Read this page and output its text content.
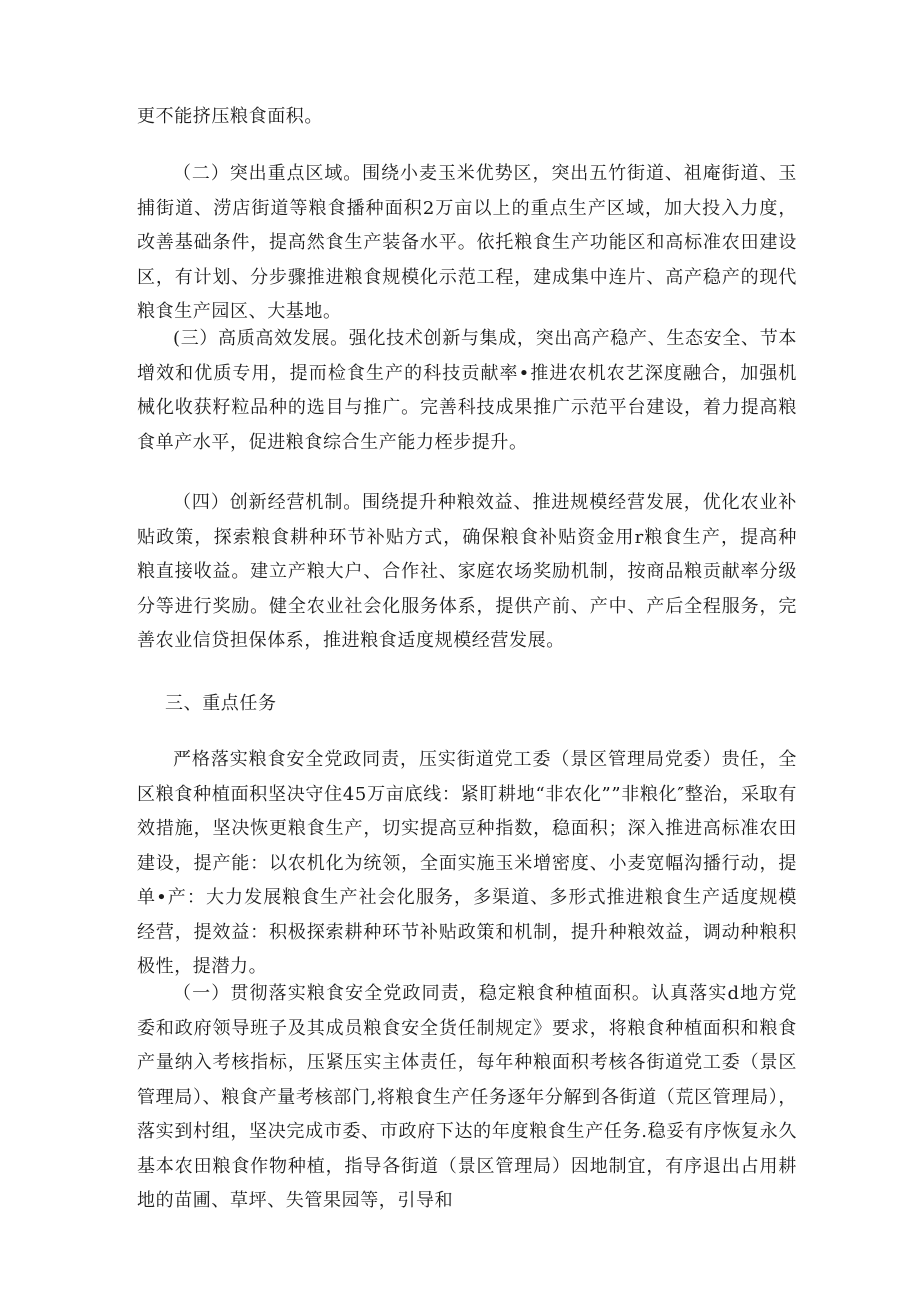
更不能挤压粮食面积。

（二）突出重点区域。围绕小麦玉米优势区，突出五竹街道、祖庵街道、玉捕街道、涝店街道等粮食播种面积2万亩以上的重点生产区域，加大投入力度，改善基础条件，提高然食生产装备水平。依托粮食生产功能区和高标准农田建设区，有计划、分步骤推进粮食规模化示范工程，建成集中连片、高产稳产的现代粮食生产园区、大基地。

(三）高质高效发展。强化技术创新与集成，突出高产稳产、生态安全、节本增效和优质专用，提而检食生产的科技贡献率•推进农机农艺深度融合，加强机械化收获籽粒品种的选目与推广。完善科技成果推广示范平台建设，着力提高粮食单产水平，促进粮食综合生产能力桎步提升。

（四）创新经营机制。围绕提升种粮效益、推进规模经营发展，优化农业补贴政策，探索粮食耕种环节补贴方式，确保粮食补贴资金用r粮食生产，提高种粮直接收益。建立产粮大户、合作社、家庭农场奖励机制，按商品粮贡献率分级分等进行奖励。健全农业社会化服务体系，提供产前、产中、产后全程服务，完善农业信贷担保体系，推进粮食适度规模经营发展。

三、重点任务

严格落实粮食安全党政同责，压实街道党工委（景区管理局党委）贵任，全区粮食种植面积坚决守住45万亩底线：紧盯耕地“非农化””非粮化″整治，采取有效措施，坚决恢更粮食生产，切实提高豆种指数，稳面积；深入推进高标准农田建设，提产能：以农机化为统领，全面实施玉米增密度、小麦宽幅沟播行动，提单•产：大力发展粮食生产社会化服务，多渠道、多形式推进粮食生产适度规模经营，提效益：积极探索耕种环节补贴政策和机制，提升种粮效益，调动种粮积极性，提潜力。

（一）贯彻落实粮食安全党政同责，稳定粮食种植面积。认真落实d地方党委和政府领导班子及其成员粮食安全货任制规定》要求，将粮食种植面积和粮食产量纳入考核指标，压紧压实主体责任，每年种粮面积考核各街道党工委（景区管理局）、粮食产量考核部门,将粮食生产任务逐年分解到各街道（荒区管理局），落实到村组，坚决完成市委、市政府下达的年度粮食生产任务.稳妥有序恢复永久基本农田粮食作物种植，指导各街道（景区管理局）因地制宜，有序退出占用耕地的苗圃、草坪、失管果园等，引导和
